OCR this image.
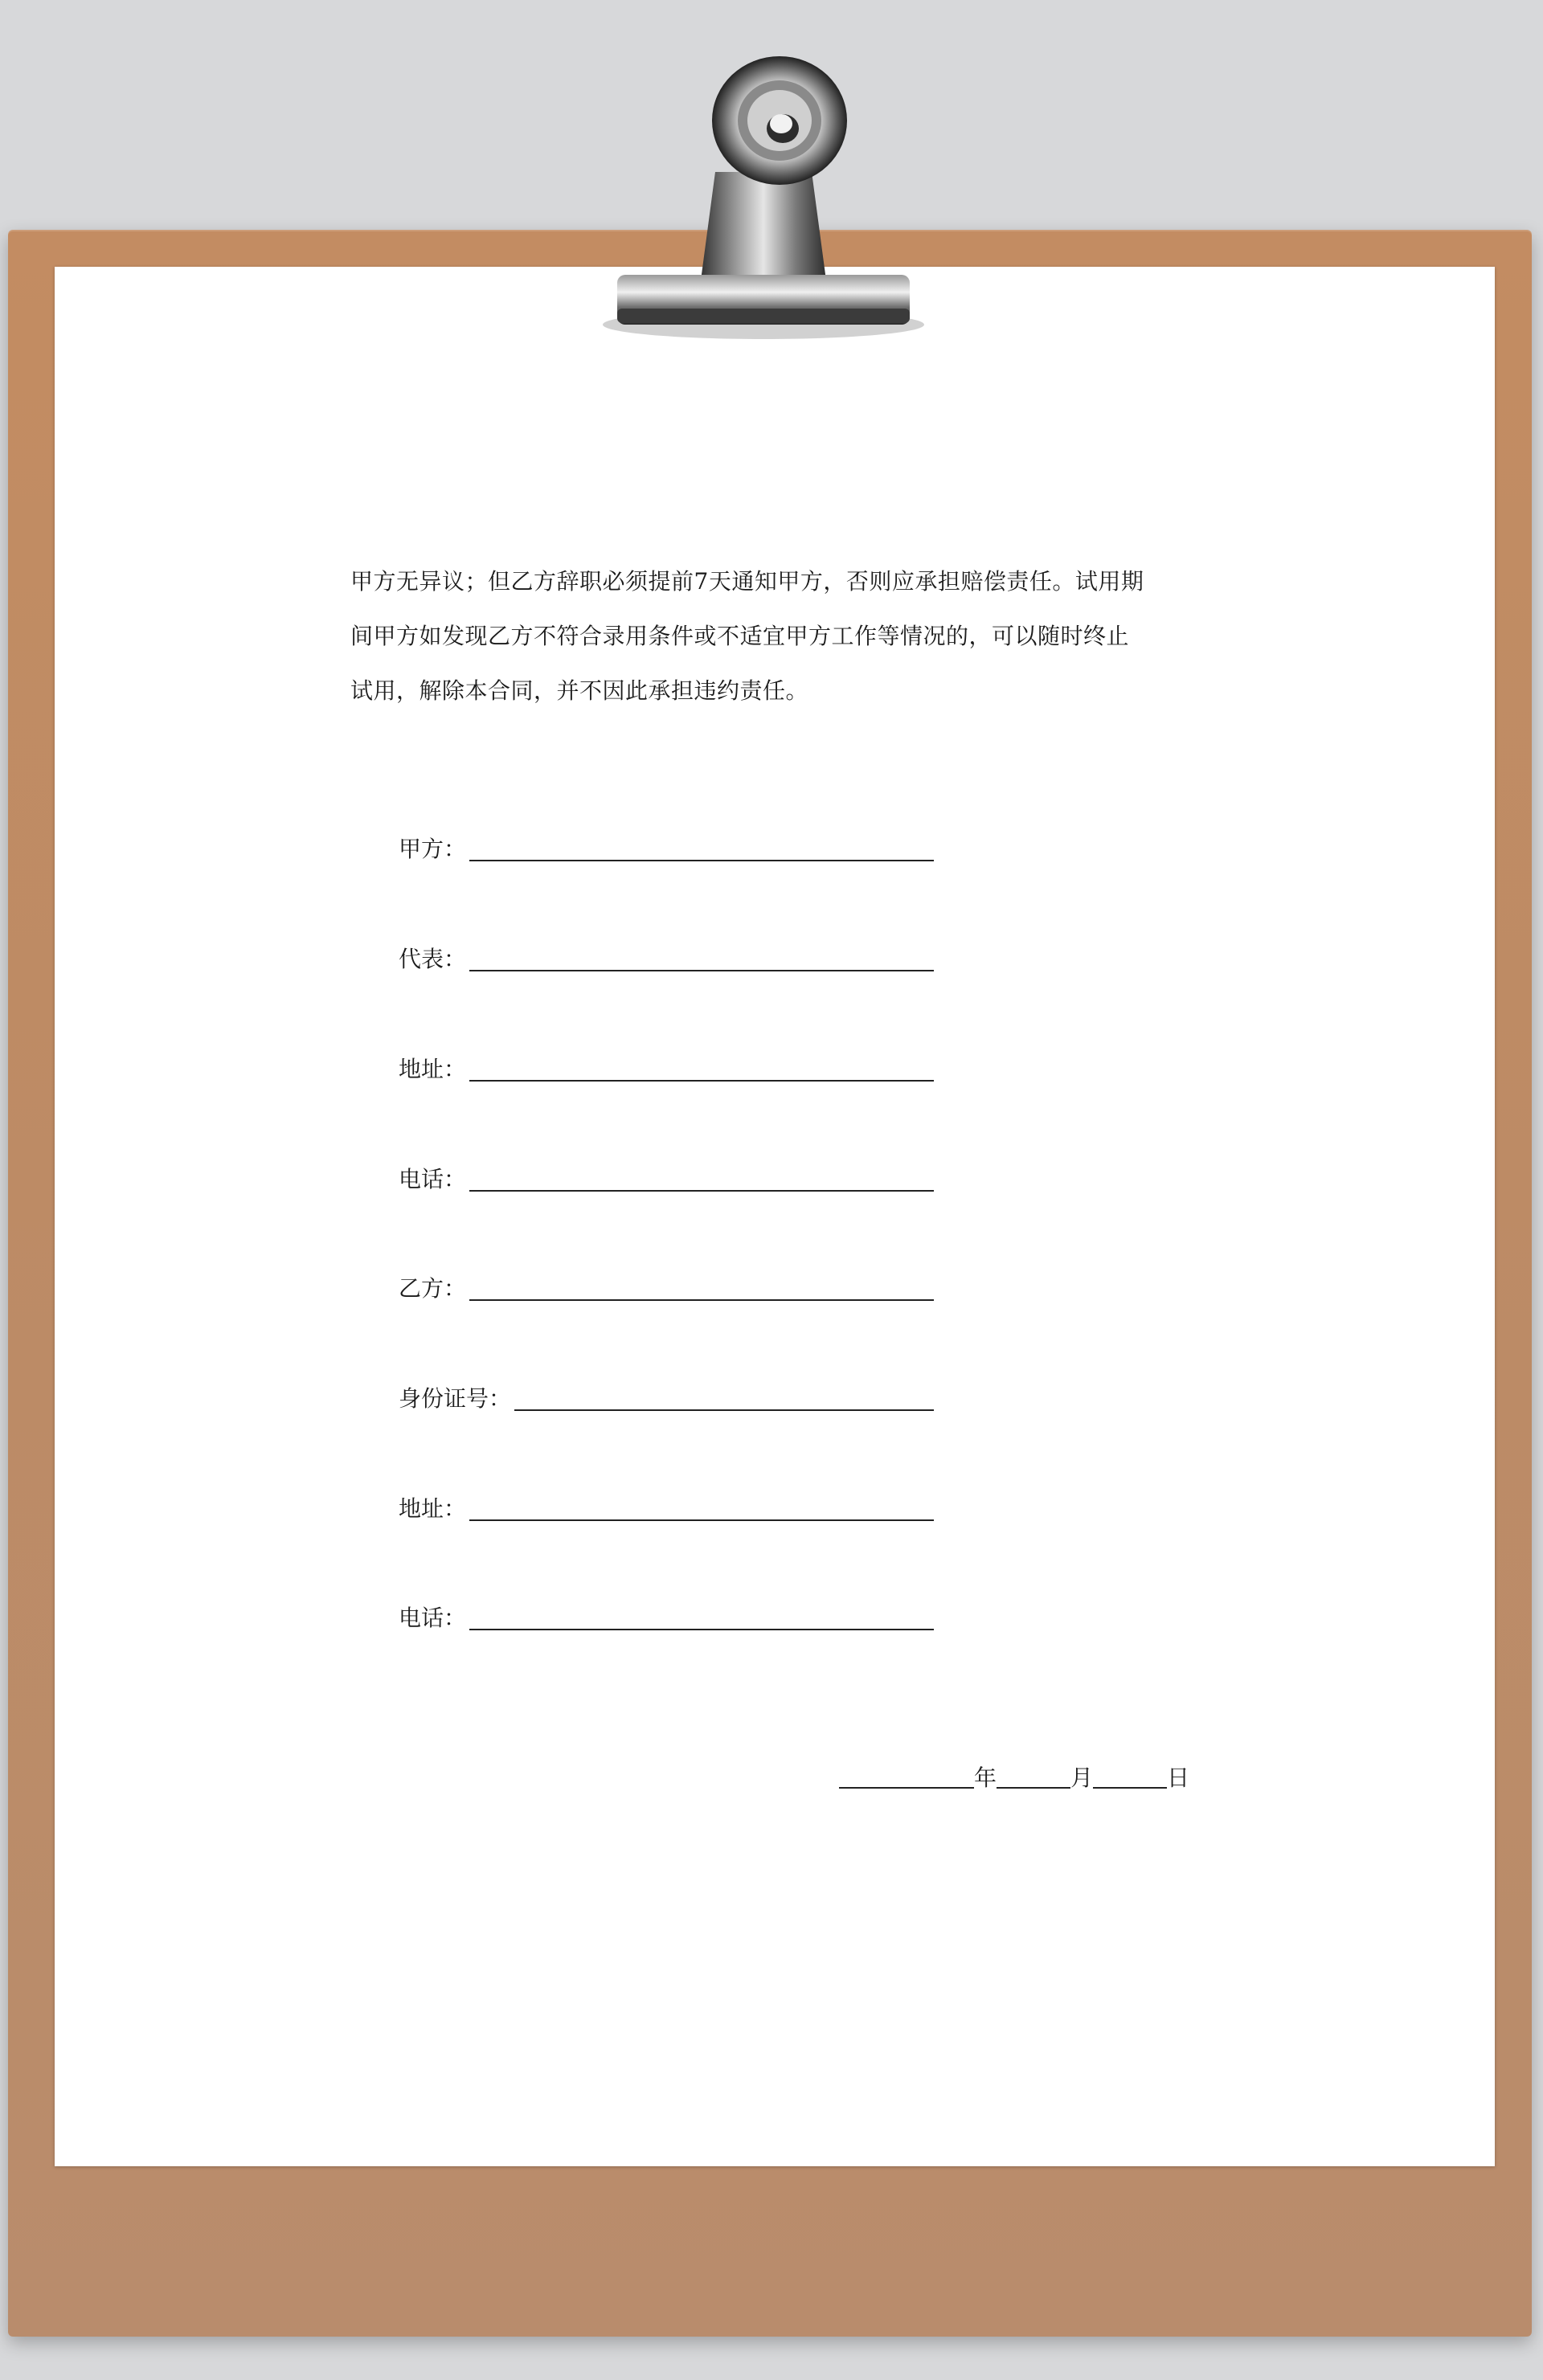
甲方无异议；但乙方辞职必须提前7天通知甲方，否则应承担赔偿责任。试用期
间甲方如发现乙方不符合录用条件或不适宜甲方工作等情况的，可以随时终止
试用，解除本合同，并不因此承担违约责任。
甲方：
代表：
地址：
电话：
乙方：
身份证号：
地址：
电话：
年	月	日
